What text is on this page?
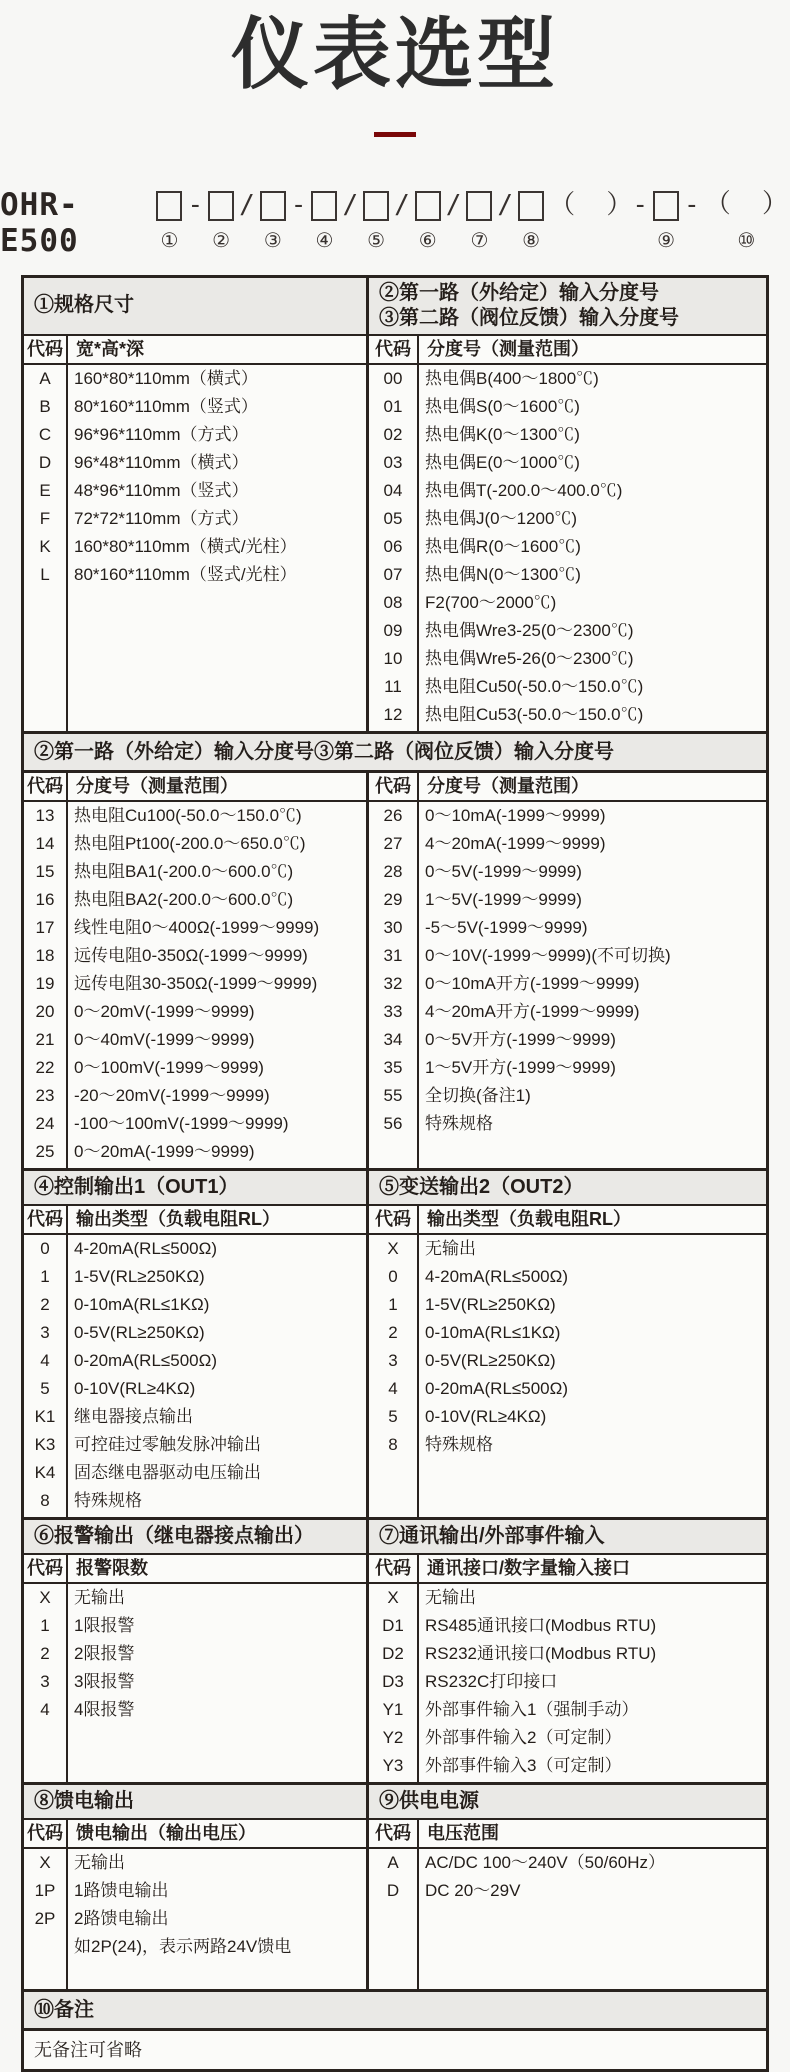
仪表选型
OHR-E500	①
-
②
/
③
-
④
/
⑤
/
⑥
/
⑦
/
⑧
（  ）-
⑨
- （  ）
⑩
①规格尺寸
代码 宽*高*深
A	160*80*110mm（横式）
B	80*160*110mm（竖式）
C	96*96*110mm（方式）
D	96*48*110mm（横式）
E	48*96*110mm（竖式）
F	72*72*110mm（方式）
K	160*80*110mm（横式/光柱）
L	80*160*110mm（竖式/光柱）
②第一路（外给定）输入分度号
③第二路（阀位反馈）输入分度号
代码 分度号（测量范围）
00	热电偶B(400～1800℃)
01	热电偶S(0～1600℃)
02	热电偶K(0～1300℃)
03	热电偶E(0～1000℃)
04	热电偶T(-200.0～400.0℃)
05	热电偶J(0～1200℃)
06	热电偶R(0～1600℃)
07	热电偶N(0～1300℃)
08	F2(700～2000℃)
09	热电偶Wre3-25(0～2300℃)
10	热电偶Wre5-26(0～2300℃)
11	热电阻Cu50(-50.0～150.0℃)
12	热电阻Cu53(-50.0～150.0℃)
②第一路（外给定）输入分度号③第二路（阀位反馈）输入分度号
代码 分度号（测量范围）
13	热电阻Cu100(-50.0～150.0℃)
14	热电阻Pt100(-200.0～650.0℃)
15	热电阻BA1(-200.0～600.0℃)
16	热电阻BA2(-200.0～600.0℃)
17	线性电阻0～400Ω(-1999～9999)
18	远传电阻0-350Ω(-1999～9999)
19	远传电阻30-350Ω(-1999～9999)
20	0～20mV(-1999～9999)
21	0～40mV(-1999～9999)
22	0～100mV(-1999～9999)
23	-20～20mV(-1999～9999)
24	-100～100mV(-1999～9999)
25	0～20mA(-1999～9999)
代码 分度号（测量范围）
26	0～10mA(-1999～9999)
27	4～20mA(-1999～9999)
28	0～5V(-1999～9999)
29	1～5V(-1999～9999)
30	-5～5V(-1999～9999)
31	0～10V(-1999～9999)(不可切换)
32	0～10mA开方(-1999～9999)
33	4～20mA开方(-1999～9999)
34	0～5V开方(-1999～9999)
35	1～5V开方(-1999～9999)
55	全切换(备注1)
56	特殊规格
④控制输出1（OUT1）
代码 输出类型（负载电阻RL）
0	4-20mA(RL≤500Ω)
1	1-5V(RL≥250KΩ)
2	0-10mA(RL≤1KΩ)
3	0-5V(RL≥250KΩ)
4	0-20mA(RL≤500Ω)
5	0-10V(RL≥4KΩ)
K1	继电器接点输出
K3	可控硅过零触发脉冲输出
K4	固态继电器驱动电压输出
8	特殊规格
⑤变送输出2（OUT2）
代码 输出类型（负载电阻RL）
X	无输出
0	4-20mA(RL≤500Ω)
1	1-5V(RL≥250KΩ)
2	0-10mA(RL≤1KΩ)
3	0-5V(RL≥250KΩ)
4	0-20mA(RL≤500Ω)
5	0-10V(RL≥4KΩ)
8	特殊规格
⑥报警输出（继电器接点输出）
代码 报警限数
X	无输出
1	1限报警
2	2限报警
3	3限报警
4	4限报警
⑦通讯输出/外部事件输入
代码 通讯接口/数字量输入接口
X	无输出
D1	RS485通讯接口(Modbus RTU)
D2	RS232通讯接口(Modbus RTU)
D3	RS232C打印接口
Y1	外部事件输入1（强制手动）
Y2	外部事件输入2（可定制）
Y3	外部事件输入3（可定制）
⑧馈电输出
代码 馈电输出（输出电压）
X	无输出
1P	1路馈电输出
2P	2路馈电输出
如2P(24)，表示两路24V馈电
⑨供电电源
代码 电压范围
A	AC/DC 100～240V（50/60Hz）
D	DC 20～29V
⑩备注
无备注可省略
